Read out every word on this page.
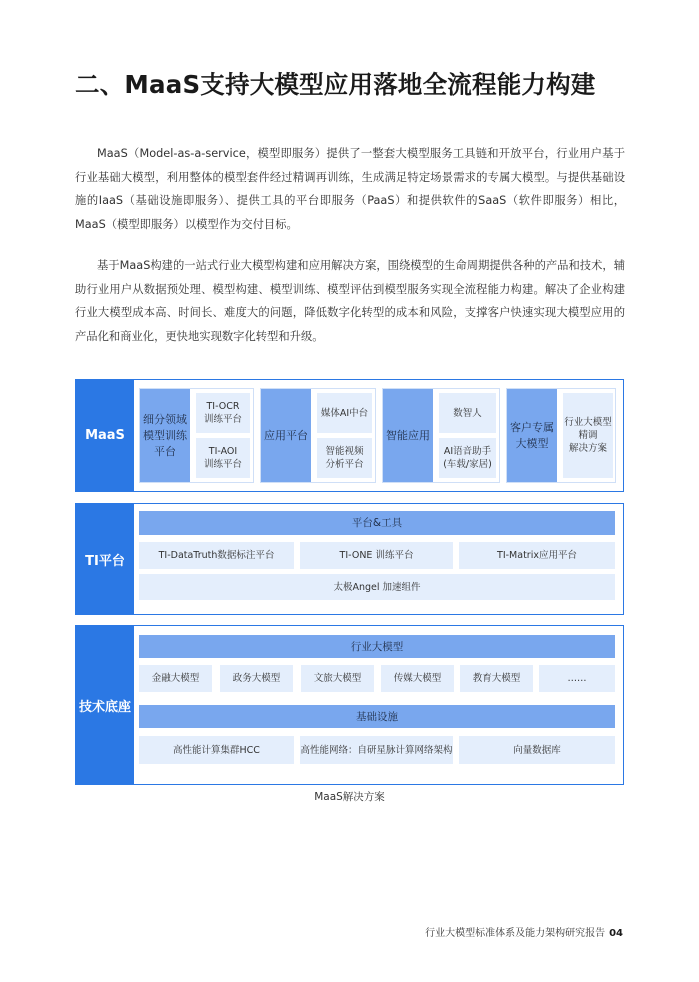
二、MaaS支持大模型应用落地全流程能力构建

MaaS（Model-as-a-service，模型即服务）提供了一整套大模型服务工具链和开放平台，行业用户基于行业基础大模型，利用整体的模型套件经过精调再训练，生成满足特定场景需求的专属大模型。与提供基础设施的IaaS（基础设施即服务）、提供工具的平台即服务（PaaS）和提供软件的SaaS（软件即服务）相比，MaaS（模型即服务）以模型作为交付目标。

基于MaaS构建的一站式行业大模型构建和应用解决方案，围绕模型的生命周期提供各种的产品和技术，辅助行业用户从数据预处理、模型构建、模型训练、模型评估到模型服务实现全流程能力构建。解决了企业构建行业大模型成本高、时间长、难度大的问题，降低数字化转型的成本和风险，支撑客户快速实现大模型应用的产品化和商业化，更快地实现数字化转型和升级。

MaaS
细分领域
模型训练
平台
TI-OCR
训练平台
TI-AOI
训练平台
应用平台
媒体AI中台
智能视频
分析平台
智能应用
数智人
AI语音助手
(车载/家居)
客户专属
大模型
行业大模型
精调
解决方案
TI平台
平台&工具
TI-DataTruth数据标注平台	TI-ONE 训练平台	TI-Matrix应用平台
太极Angel 加速组件
技术底座
行业大模型
金融大模型	政务大模型	文旅大模型	传媒大模型	教育大模型	……
基础设施
高性能计算集群HCC	高性能网络：自研星脉计算网络架构	向量数据库
MaaS解决方案
行业大模型标准体系及能力架构研究报告 04
